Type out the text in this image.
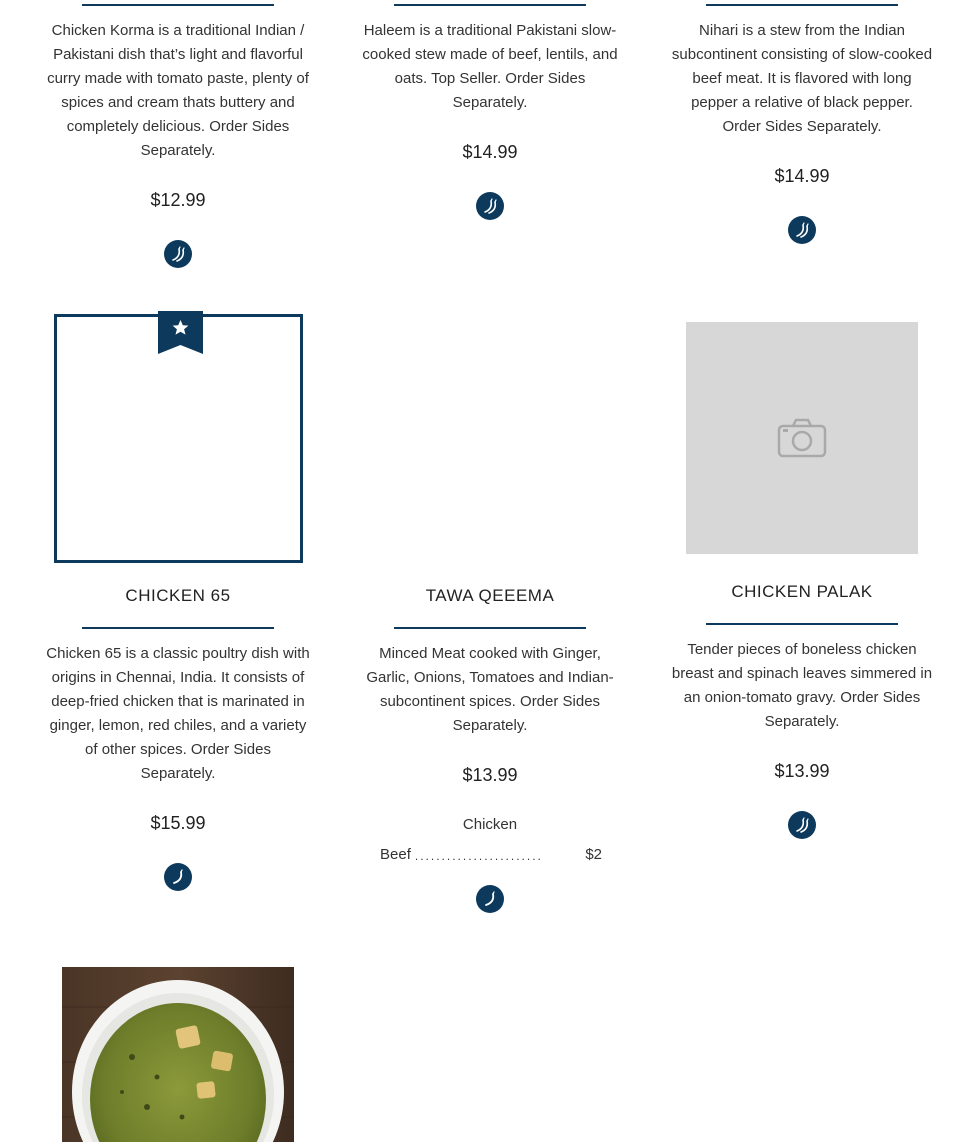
Chicken Korma is a traditional Indian / Pakistani dish that’s light and flavorful curry made with tomato paste, plenty of spices and cream thats buttery and completely delicious. Order Sides Separately.
$12.99
Haleem is a traditional Pakistani slow-cooked stew made of beef, lentils, and oats. Top Seller. Order Sides Separately.
$14.99
Nihari is a stew from the Indian subcontinent consisting of slow-cooked beef meat. It is flavored with long pepper a relative of black pepper. Order Sides Separately.
$14.99
CHICKEN 65
Chicken 65 is a classic poultry dish with origins in Chennai, India. It consists of deep-fried chicken that is marinated in ginger, lemon, red chiles, and a variety of other spices. Order Sides Separately.
$15.99
TAWA QEEEMA
Minced Meat cooked with Ginger, Garlic, Onions, Tomatoes and Indian-subcontinent spices. Order Sides Separately.
$13.99
Chicken
Beef ........................	$2
CHICKEN PALAK
Tender pieces of boneless chicken breast and spinach leaves simmered in an onion-tomato gravy. Order Sides Separately.
$13.99
